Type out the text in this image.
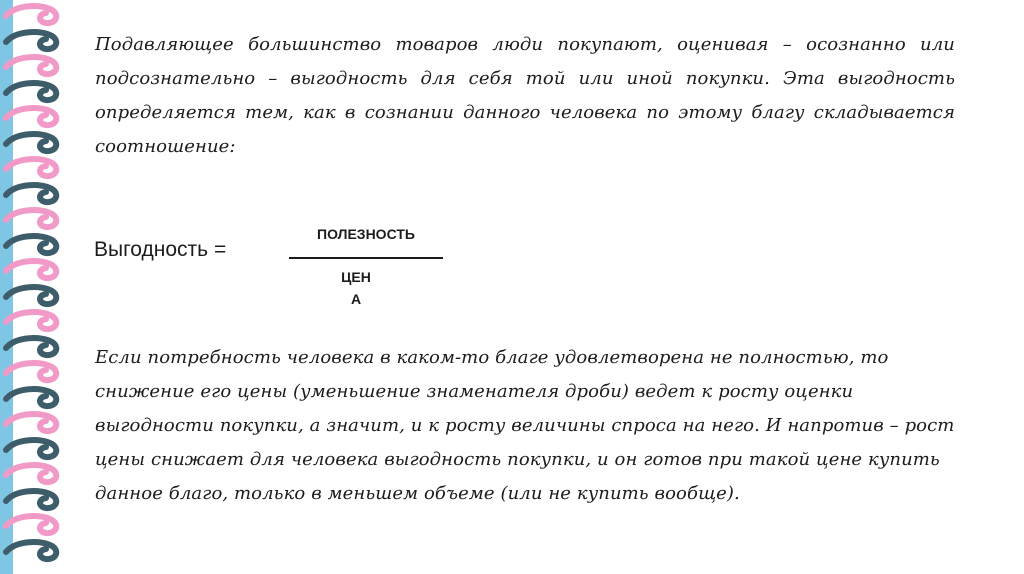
Подавляющее большинство товаров люди покупают, оценивая – осознанно или подсознательно – выгодность для себя той или иной покупки. Эта выгодность определяется тем, как в сознании данного человека по этому благу складывается соотношение:

Выгодность =
ПОЛЕЗНОСТЬ
ЦЕН
А

Если потребность человека в каком-то благе удовлетворена не полностью, то снижение его цены (уменьшение знаменателя дроби) ведет к росту оценки выгодности покупки, а значит, и к росту величины спроса на него. И напротив – рост цены снижает для человека выгодность покупки, и он готов при такой цене купить данное благо, только в меньшем объеме (или не купить вообще).
